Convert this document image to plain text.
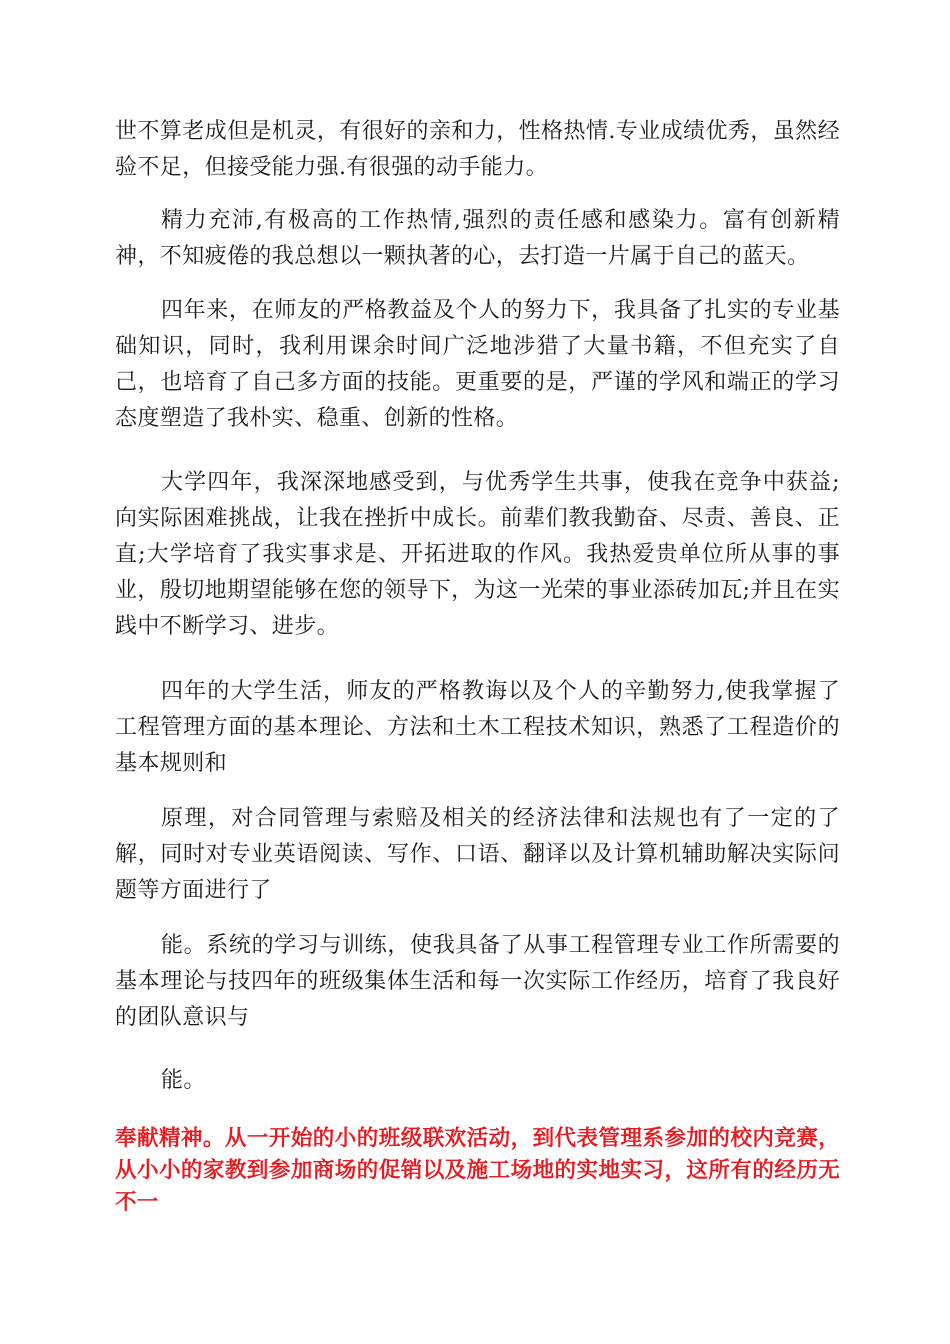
世不算老成但是机灵，有很好的亲和力，性格热情.专业成绩优秀，虽然经验不足，但接受能力强.有很强的动手能力。

精力充沛,有极高的工作热情,强烈的责任感和感染力。富有创新精神，不知疲倦的我总想以一颗执著的心，去打造一片属于自己的蓝天。

四年来，在师友的严格教益及个人的努力下，我具备了扎实的专业基础知识，同时，我利用课余时间广泛地涉猎了大量书籍，不但充实了自己，也培育了自己多方面的技能。更重要的是，严谨的学风和端正的学习态度塑造了我朴实、稳重、创新的性格。

大学四年，我深深地感受到，与优秀学生共事，使我在竞争中获益;向实际困难挑战，让我在挫折中成长。前辈们教我勤奋、尽责、善良、正直;大学培育了我实事求是、开拓进取的作风。我热爱贵单位所从事的事业，殷切地期望能够在您的领导下，为这一光荣的事业添砖加瓦;并且在实践中不断学习、进步。

四年的大学生活，师友的严格教诲以及个人的辛勤努力,使我掌握了工程管理方面的基本理论、方法和土木工程技术知识，熟悉了工程造价的基本规则和

原理，对合同管理与索赔及相关的经济法律和法规也有了一定的了解，同时对专业英语阅读、写作、口语、翻译以及计算机辅助解决实际问题等方面进行了

能。系统的学习与训练，使我具备了从事工程管理专业工作所需要的基本理论与技四年的班级集体生活和每一次实际工作经历，培育了我良好的团队意识与

能。

奉献精神。从一开始的小的班级联欢活动，到代表管理系参加的校内竞赛，从小小的家教到参加商场的促销以及施工场地的实地实习，这所有的经历无不一
